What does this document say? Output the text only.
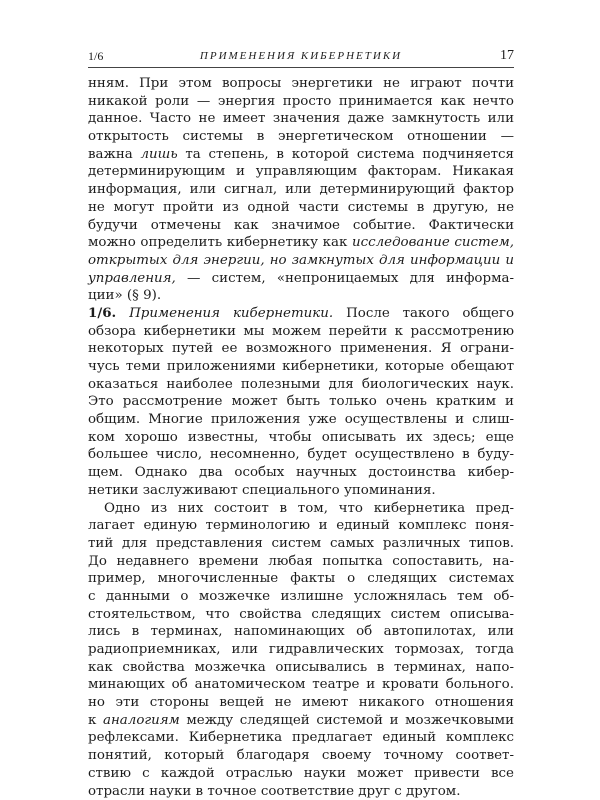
1/6	ПРИМЕНЕНИЯ КИБЕРНЕТИКИ	17
нням. При этом вопросы энергетики не играют почти
никакой роли — энергия просто принимается как нечто
данное. Часто не имеет значения даже замкнутость или
открытость системы в энергетическом отношении —
важна лишь та степень, в которой система подчиняется
детерминирующим и управляющим факторам. Никакая
информация, или сигнал, или детерминирующий фактор
не могут пройти из одной части системы в другую, не
будучи отмечены как значимое событие. Фактически
можно определить кибернетику как исследование систем,
открытых для энергии, но замкнутых для информации и
управления, — систем, «непроницаемых для информа-
ции» (§ 9).
1/6. Применения кибернетики. После такого общего
обзора кибернетики мы можем перейти к рассмотрению
некоторых путей ее возможного применения. Я ограни-
чусь теми приложениями кибернетики, которые обещают
оказаться наиболее полезными для биологических наук.
Это рассмотрение может быть только очень кратким и
общим. Многие приложения уже осуществлены и слиш-
ком хорошо известны, чтобы описывать их здесь; еще
большее число, несомненно, будет осуществлено в буду-
щем. Однако два особых научных достоинства кибер-
нетики заслуживают специального упоминания.
Одно из них состоит в том, что кибернетика пред-
лагает единую терминологию и единый комплекс поня-
тий для представления систем самых различных типов.
До недавнего времени любая попытка сопоставить, на-
пример, многочисленные факты о следящих системах
с данными о мозжечке излишне усложнялась тем об-
стоятельством, что свойства следящих систем описыва-
лись в терминах, напоминающих об автопилотах, или
радиоприемниках, или гидравлических тормозах, тогда
как свойства мозжечка описывались в терминах, напо-
минающих об анатомическом театре и кровати больного.
но эти стороны вещей не имеют никакого отношения
к аналогиям между следящей системой и мозжечковыми
рефлексами. Кибернетика предлагает единый комплекс
понятий, который благодаря своему точному соответ-
ствию с каждой отраслью науки может привести все
отрасли науки в точное соответствие друг с другом.
